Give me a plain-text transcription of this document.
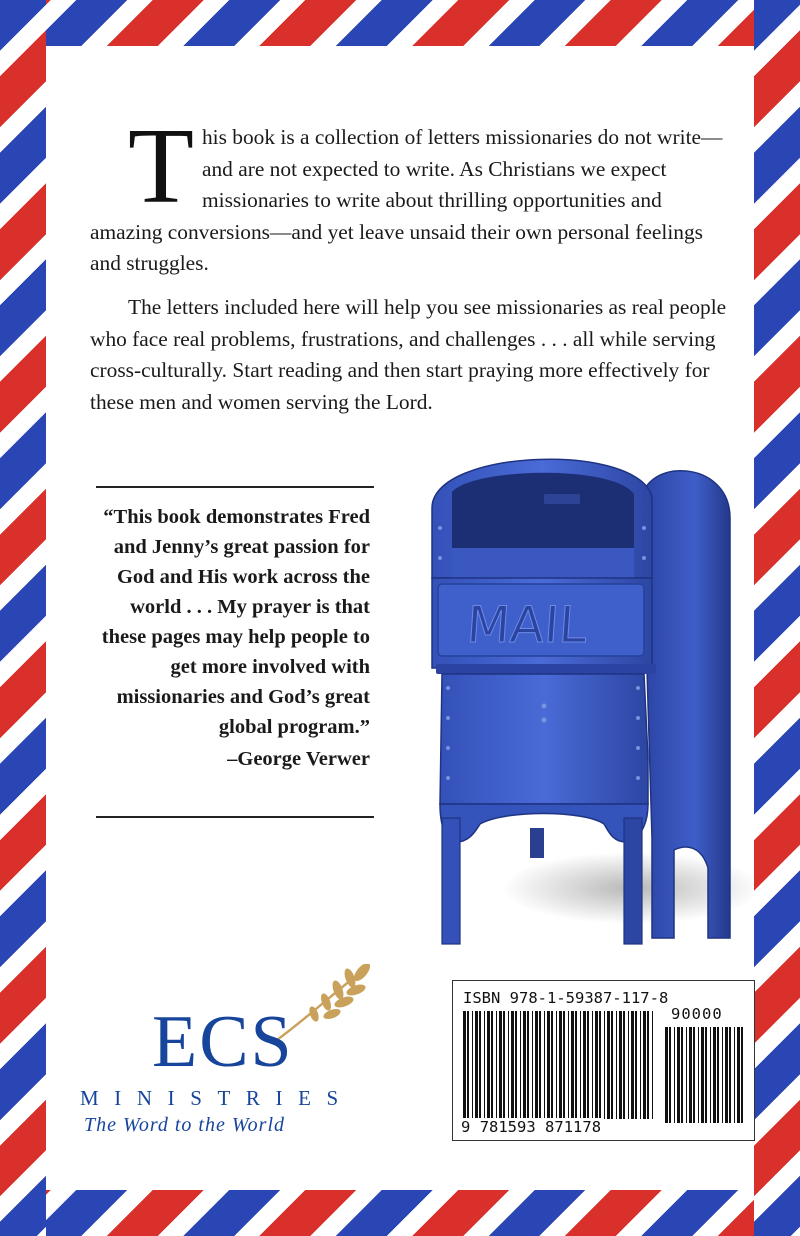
This book is a collection of letters missionaries do not write—and are not expected to write. As Christians we expect missionaries to write about thrilling opportunities and amazing conversions—and yet leave unsaid their own personal feelings and struggles.

The letters included here will help you see missionaries as real people who face real problems, frustrations, and challenges . . . all while serving cross-culturally. Start reading and then start praying more effectively for these men and women serving the Lord.

“This book demonstrates Fred and Jenny’s great passion for God and His work across the world . . . My prayer is that these pages may help people to get more involved with missionaries and God’s great global program.”
–George Verwer
MAIL
ECS
MINISTRIES
The Word to the World
ISBN 978-1-59387-117-8
90000
9 781593 871178
